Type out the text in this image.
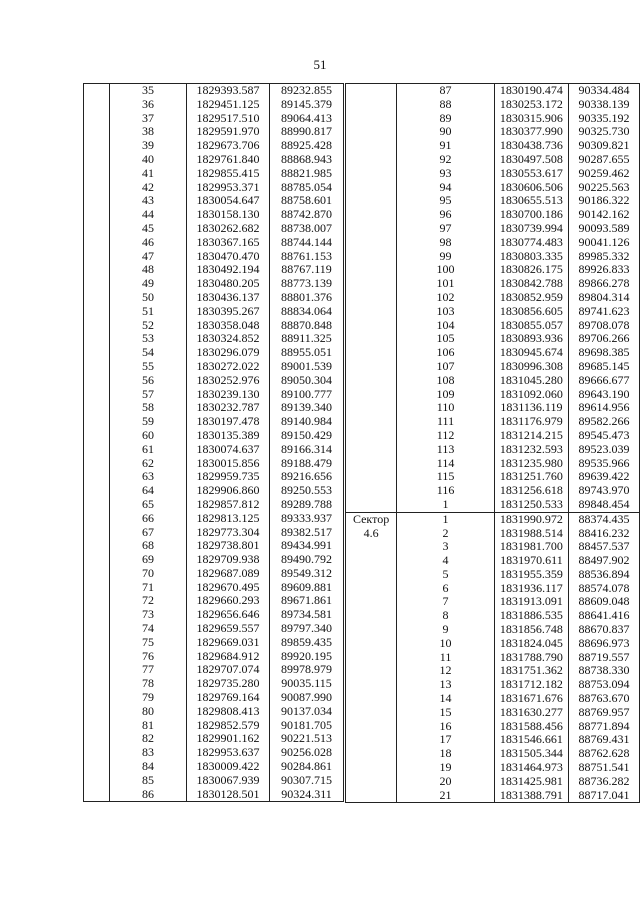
51
	35	1829393.587	89232.855
	36	1829451.125	89145.379
	37	1829517.510	89064.413
	38	1829591.970	88990.817
	39	1829673.706	88925.428
	40	1829761.840	88868.943
	41	1829855.415	88821.985
	42	1829953.371	88785.054
	43	1830054.647	88758.601
	44	1830158.130	88742.870
	45	1830262.682	88738.007
	46	1830367.165	88744.144
	47	1830470.470	88761.153
	48	1830492.194	88767.119
	49	1830480.205	88773.139
	50	1830436.137	88801.376
	51	1830395.267	88834.064
	52	1830358.048	88870.848
	53	1830324.852	88911.325
	54	1830296.079	88955.051
	55	1830272.022	89001.539
	56	1830252.976	89050.304
	57	1830239.130	89100.777
	58	1830232.787	89139.340
	59	1830197.478	89140.984
	60	1830135.389	89150.429
	61	1830074.637	89166.314
	62	1830015.856	89188.479
	63	1829959.735	89216.656
	64	1829906.860	89250.553
	65	1829857.812	89289.788
	66	1829813.125	89333.937
	67	1829773.304	89382.517
	68	1829738.801	89434.991
	69	1829709.938	89490.792
	70	1829687.089	89549.312
	71	1829670.495	89609.881
	72	1829660.293	89671.861
	73	1829656.646	89734.581
	74	1829659.557	89797.340
	75	1829669.031	89859.435
	76	1829684.912	89920.195
	77	1829707.074	89978.979
	78	1829735.280	90035.115
	79	1829769.164	90087.990
	80	1829808.413	90137.034
	81	1829852.579	90181.705
	82	1829901.162	90221.513
	83	1829953.637	90256.028
	84	1830009.422	90284.861
	85	1830067.939	90307.715
	86	1830128.501	90324.311
	87	1830190.474	90334.484
	88	1830253.172	90338.139
	89	1830315.906	90335.192
	90	1830377.990	90325.730
	91	1830438.736	90309.821
	92	1830497.508	90287.655
	93	1830553.617	90259.462
	94	1830606.506	90225.563
	95	1830655.513	90186.322
	96	1830700.186	90142.162
	97	1830739.994	90093.589
	98	1830774.483	90041.126
	99	1830803.335	89985.332
	100	1830826.175	89926.833
	101	1830842.788	89866.278
	102	1830852.959	89804.314
	103	1830856.605	89741.623
	104	1830855.057	89708.078
	105	1830893.936	89706.266
	106	1830945.674	89698.385
	107	1830996.308	89685.145
	108	1831045.280	89666.677
	109	1831092.060	89643.190
	110	1831136.119	89614.956
	111	1831176.979	89582.266
	112	1831214.215	89545.473
	113	1831232.593	89523.039
	114	1831235.980	89535.966
	115	1831251.760	89639.422
	116	1831256.618	89743.970
	1	1831250.533	89848.454

Сектор
4.6	1	1831990.972	88374.435
	2	1831988.514	88416.232
	3	1831981.700	88457.537
	4	1831970.611	88497.902
	5	1831955.359	88536.894
	6	1831936.117	88574.078
	7	1831913.091	88609.048
	8	1831886.535	88641.416
	9	1831856.748	88670.837
	10	1831824.045	88696.973
	11	1831788.790	88719.557
	12	1831751.362	88738.330
	13	1831712.182	88753.094
	14	1831671.676	88763.670
	15	1831630.277	88769.957
	16	1831588.456	88771.894
	17	1831546.661	88769.431
	18	1831505.344	88762.628
	19	1831464.973	88751.541
	20	1831425.981	88736.282
	21	1831388.791	88717.041
